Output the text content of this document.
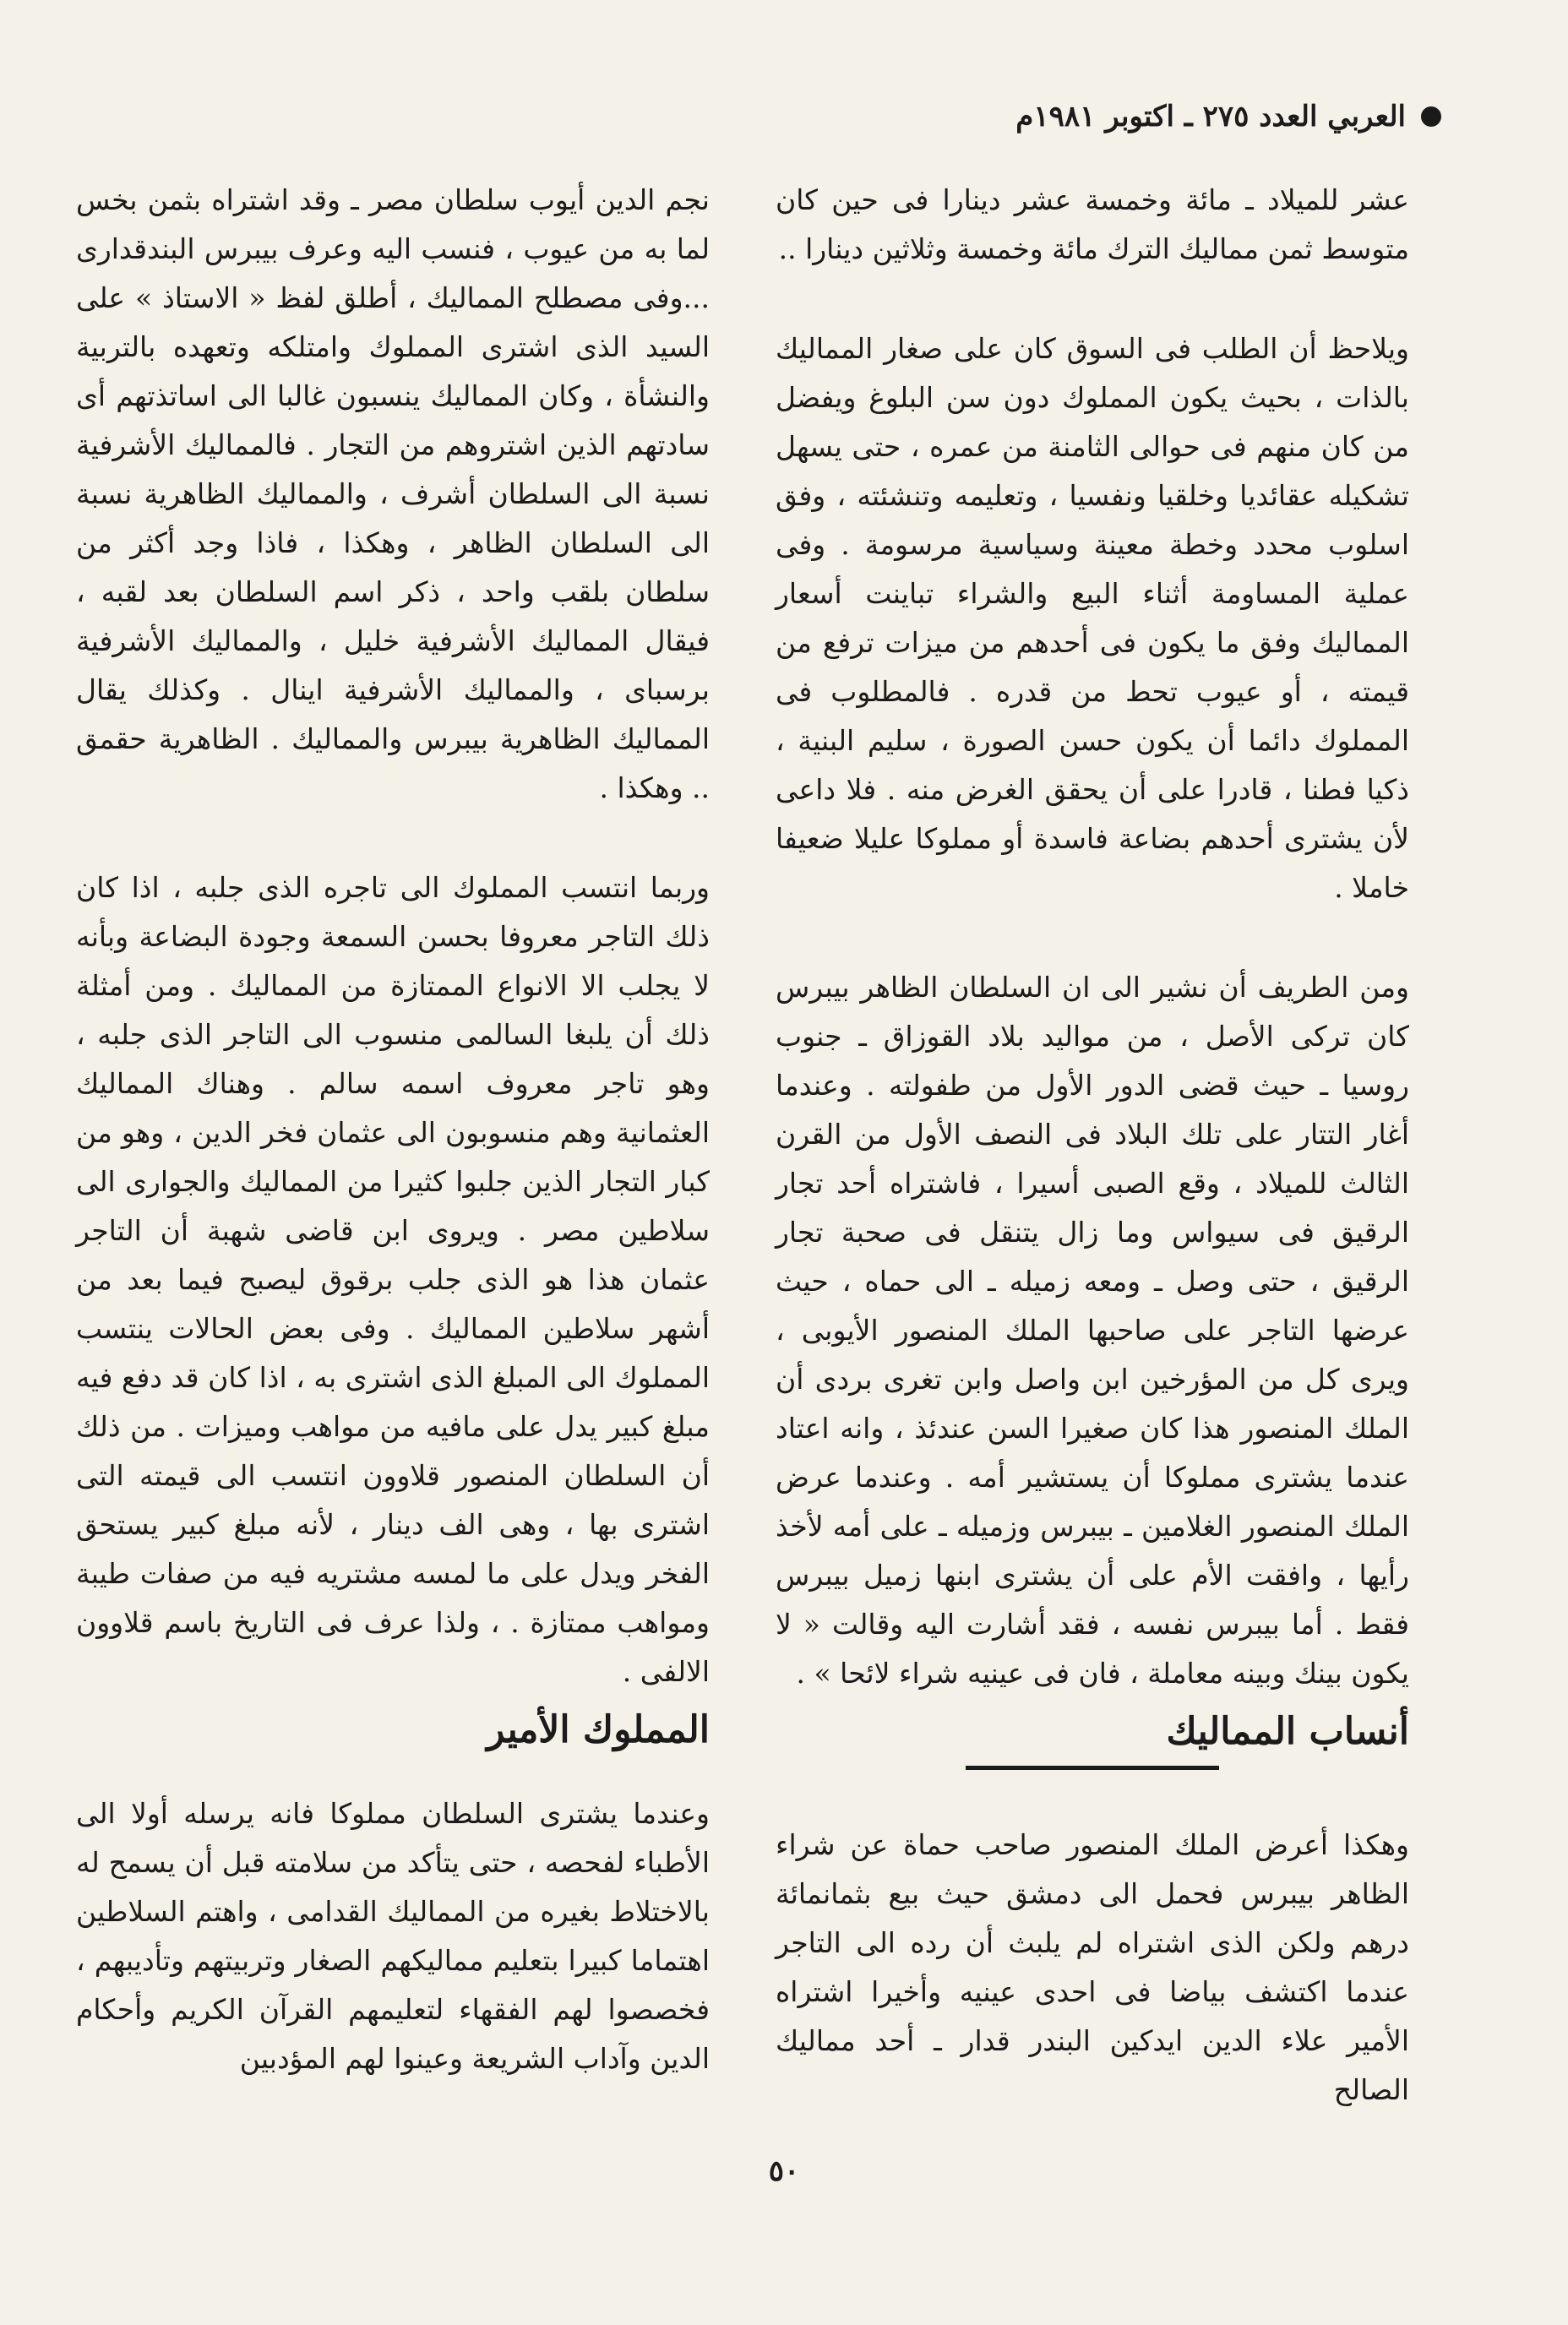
العربي العدد ٢٧٥ ـ اكتوبر ١٩٨١م

عشر للميلاد ـ مائة وخمسة عشر دينارا فى حين كان متوسط ثمن مماليك الترك مائة وخمسة وثلاثين دينارا ..

ويلاحظ أن الطلب فى السوق كان على صغار المماليك بالذات ، بحيث يكون المملوك دون سن البلوغ ويفضل من كان منهم فى حوالى الثامنة من عمره ، حتى يسهل تشكيله عقائديا وخلقيا ونفسيا ، وتعليمه وتنشئته ، وفق اسلوب محدد وخطة معينة وسياسية مرسومة . وفى عملية المساومة أثناء البيع والشراء تباينت أسعار المماليك وفق ما يكون فى أحدهم من ميزات ترفع من قيمته ، أو عيوب تحط من قدره . فالمطلوب فى المملوك دائما أن يكون حسن الصورة ، سليم البنية ، ذكيا فطنا ، قادرا على أن يحقق الغرض منه . فلا داعى لأن يشترى أحدهم بضاعة فاسدة أو مملوكا عليلا ضعيفا خاملا .

ومن الطريف أن نشير الى ان السلطان الظاهر بيبرس كان تركى الأصل ، من مواليد بلاد القوزاق ـ جنوب روسيا ـ حيث قضى الدور الأول من طفولته . وعندما أغار التتار على تلك البلاد فى النصف الأول من القرن الثالث للميلاد ، وقع الصبى أسيرا ، فاشتراه أحد تجار الرقيق فى سيواس وما زال يتنقل فى صحبة تجار الرقيق ، حتى وصل ـ ومعه زميله ـ الى حماه ، حيث عرضها التاجر على صاحبها الملك المنصور الأيوبى ، ويرى كل من المؤرخين ابن واصل وابن تغرى بردى أن الملك المنصور هذا كان صغيرا السن عندئذ ، وانه اعتاد عندما يشترى مملوكا أن يستشير أمه . وعندما عرض الملك المنصور الغلامين ـ بيبرس وزميله ـ على أمه لأخذ رأيها ، وافقت الأم على أن يشترى ابنها زميل بيبرس فقط . أما بيبرس نفسه ، فقد أشارت اليه وقالت « لا يكون بينك وبينه معاملة ، فان فى عينيه شراء لائحا » .

أنساب المماليك

وهكذا أعرض الملك المنصور صاحب حماة عن شراء الظاهر بيبرس فحمل الى دمشق حيث بيع بثمانمائة درهم ولكن الذى اشتراه لم يلبث أن رده الى التاجر عندما اكتشف بياضا فى احدى عينيه وأخيرا اشتراه الأمير علاء الدين ايدكين البندر قدار ـ أحد مماليك الصالح

نجم الدين أيوب سلطان مصر ـ وقد اشتراه بثمن بخس لما به من عيوب ، فنسب اليه وعرف بيبرس البندقدارى ...وفى مصطلح المماليك ، أطلق لفظ « الاستاذ » على السيد الذى اشترى المملوك وامتلكه وتعهده بالتربية والنشأة ، وكان المماليك ينسبون غالبا الى اساتذتهم أى سادتهم الذين اشتروهم من التجار . فالمماليك الأشرفية نسبة الى السلطان أشرف ، والمماليك الظاهرية نسبة الى السلطان الظاهر ، وهكذا ، فاذا وجد أكثر من سلطان بلقب واحد ، ذكر اسم السلطان بعد لقبه ، فيقال المماليك الأشرفية خليل ، والمماليك الأشرفية برسباى ، والمماليك الأشرفية اينال . وكذلك يقال المماليك الظاهرية بيبرس والمماليك . الظاهرية حقمق .. وهكذا .

وربما انتسب المملوك الى تاجره الذى جلبه ، اذا كان ذلك التاجر معروفا بحسن السمعة وجودة البضاعة وبأنه لا يجلب الا الانواع الممتازة من المماليك . ومن أمثلة ذلك أن يلبغا السالمى منسوب الى التاجر الذى جلبه ، وهو تاجر معروف اسمه سالم . وهناك المماليك العثمانية وهم منسوبون الى عثمان فخر الدين ، وهو من كبار التجار الذين جلبوا كثيرا من المماليك والجوارى الى سلاطين مصر . ويروى ابن قاضى شهبة أن التاجر عثمان هذا هو الذى جلب برقوق ليصبح فيما بعد من أشهر سلاطين المماليك . وفى بعض الحالات ينتسب المملوك الى المبلغ الذى اشترى به ، اذا كان قد دفع فيه مبلغ كبير يدل على مافيه من مواهب وميزات . من ذلك أن السلطان المنصور قلاوون انتسب الى قيمته التى اشترى بها ، وهى الف دينار ، لأنه مبلغ كبير يستحق الفخر ويدل على ما لمسه مشتريه فيه من صفات طيبة ومواهب ممتازة . ، ولذا عرف فى التاريخ باسم قلاوون الالفى .

المملوك الأمير

وعندما يشترى السلطان مملوكا فانه يرسله أولا الى الأطباء لفحصه ، حتى يتأكد من سلامته قبل أن يسمح له بالاختلاط بغيره من المماليك القدامى ، واهتم السلاطين اهتماما كبيرا بتعليم مماليكهم الصغار وتربيتهم وتأديبهم ، فخصصوا لهم الفقهاء لتعليمهم القرآن الكريم وأحكام الدين وآداب الشريعة وعينوا لهم المؤدبين

٥٠
